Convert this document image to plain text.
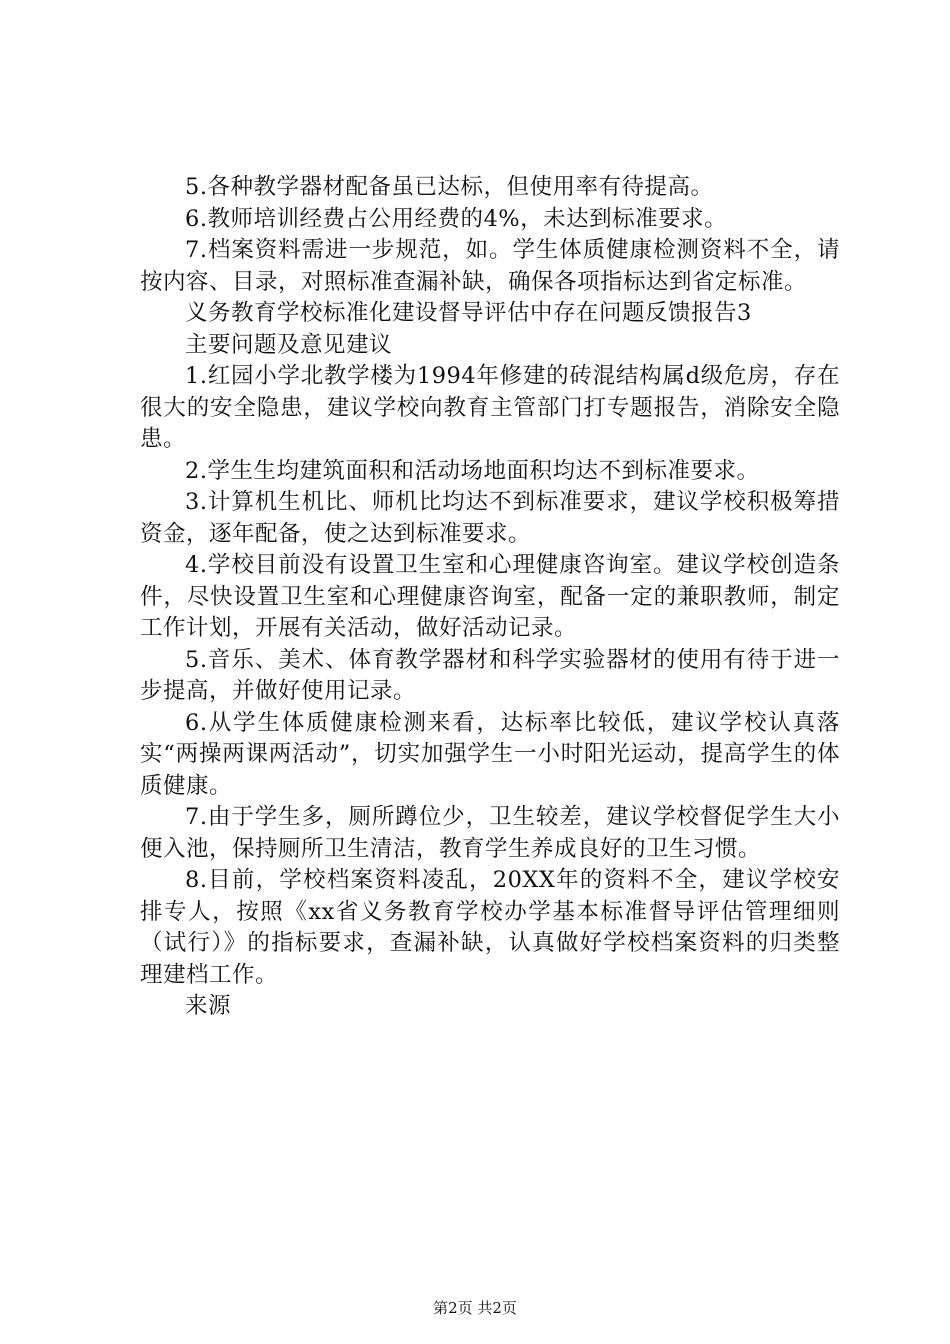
5.各种教学器材配备虽已达标，但使用率有待提高。

6.教师培训经费占公用经费的4%，未达到标准要求。

7.档案资料需进一步规范，如。学生体质健康检测资料不全，请按内容、目录，对照标准查漏补缺，确保各项指标达到省定标准。

义务教育学校标准化建设督导评估中存在问题反馈报告3

主要问题及意见建议

1.红园小学北教学楼为1994年修建的砖混结构属d级危房，存在很大的安全隐患，建议学校向教育主管部门打专题报告，消除安全隐患。

2.学生生均建筑面积和活动场地面积均达不到标准要求。

3.计算机生机比、师机比均达不到标准要求，建议学校积极筹措资金，逐年配备，使之达到标准要求。

4.学校目前没有设置卫生室和心理健康咨询室。建议学校创造条件，尽快设置卫生室和心理健康咨询室，配备一定的兼职教师，制定工作计划，开展有关活动，做好活动记录。

5.音乐、美术、体育教学器材和科学实验器材的使用有待于进一步提高，并做好使用记录。

6.从学生体质健康检测来看，达标率比较低，建议学校认真落实“两操两课两活动”，切实加强学生一小时阳光运动，提高学生的体质健康。

7.由于学生多，厕所蹲位少，卫生较差，建议学校督促学生大小便入池，保持厕所卫生清洁，教育学生养成良好的卫生习惯。

8.目前，学校档案资料凌乱，20XX年的资料不全，建议学校安排专人，按照《xx省义务教育学校办学基本标准督导评估管理细则（试行）》的指标要求，查漏补缺，认真做好学校档案资料的归类整理建档工作。

来源

第2页 共2页
